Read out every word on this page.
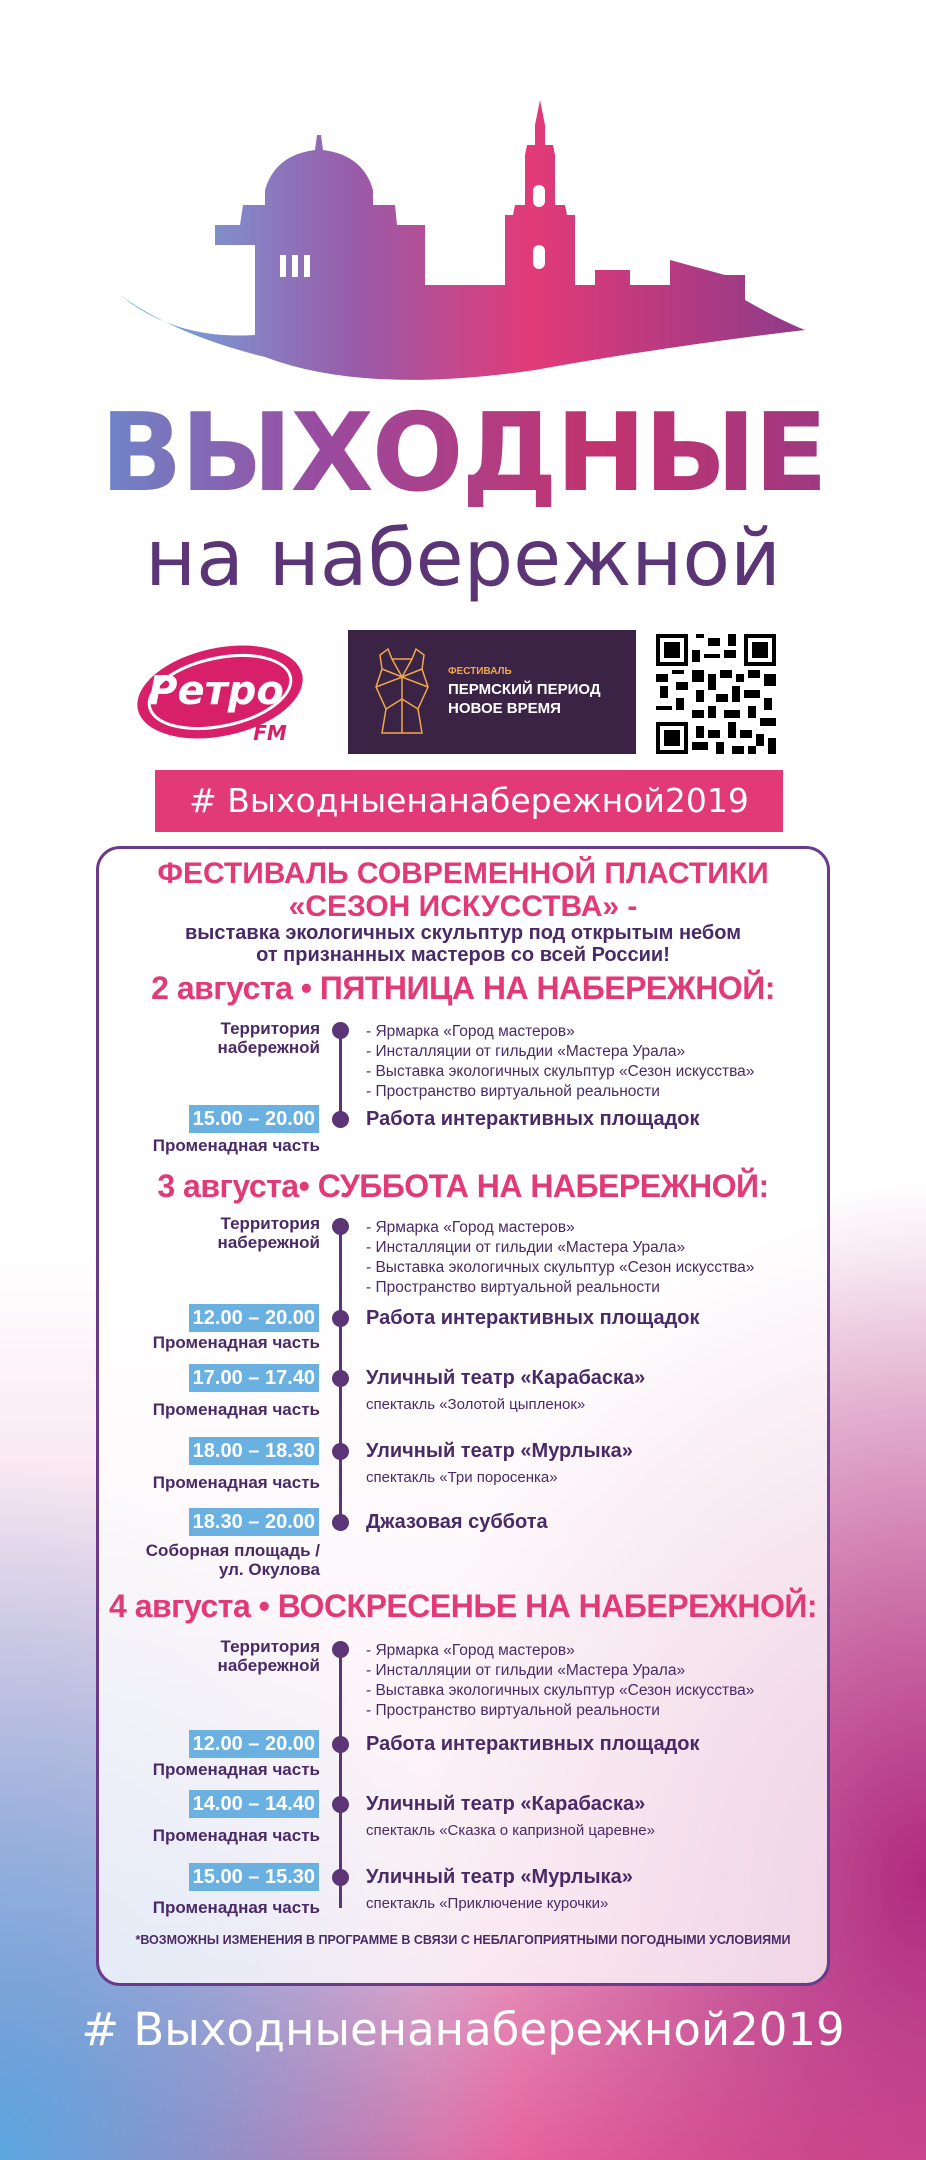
ВЫХОДНЫЕ
на набережной
Ретро
FM
ФЕСТИВАЛЬ
ПЕРМСКИЙ ПЕРИОД
НОВОЕ ВРЕМЯ
# Выходныенанабережной2019
ФЕСТИВАЛЬ СОВРЕМЕННОЙ ПЛАСТИКИ
«СЕЗОН ИСКУССТВА» -
выставка экологичных скульптур под открытым небом
от признанных мастеров со всей России!
2 августа • ПЯТНИЦА НА НАБЕРЕЖНОЙ:
Территория
набережной
- Ярмарка «Город мастеров»
- Инсталляции от гильдии «Мастера Урала»
- Выставка экологичных скульптур «Сезон искусства»
- Пространство виртуальной реальности
15.00 – 20.00
Променадная часть
Работа интерактивных площадок
3 августа• СУББОТА НА НАБЕРЕЖНОЙ:
Территория
набережной
- Ярмарка «Город мастеров»
- Инсталляции от гильдии «Мастера Урала»
- Выставка экологичных скульптур «Сезон искусства»
- Пространство виртуальной реальности
12.00 – 20.00
Променадная часть
Работа интерактивных площадок
17.00 – 17.40
Променадная часть
Уличный театр «Карабаска»
спектакль «Золотой цыпленок»
18.00 – 18.30
Променадная часть
Уличный театр «Мурлыка»
спектакль «Три поросенка»
18.30 – 20.00
Соборная площадь /
ул. Окулова
Джазовая суббота
4 августа • ВОСКРЕСЕНЬЕ НА НАБЕРЕЖНОЙ:
Территория
набережной
- Ярмарка «Город мастеров»
- Инсталляции от гильдии «Мастера Урала»
- Выставка экологичных скульптур «Сезон искусства»
- Пространство виртуальной реальности
12.00 – 20.00
Променадная часть
Работа интерактивных площадок
14.00 – 14.40
Променадная часть
Уличный театр «Карабаска»
спектакль «Сказка о капризной царевне»
15.00 – 15.30
Променадная часть
Уличный театр «Мурлыка»
спектакль «Приключение курочки»
*ВОЗМОЖНЫ ИЗМЕНЕНИЯ В ПРОГРАММЕ В СВЯЗИ С НЕБЛАГОПРИЯТНЫМИ ПОГОДНЫМИ УСЛОВИЯМИ
# Выходныенанабережной2019
